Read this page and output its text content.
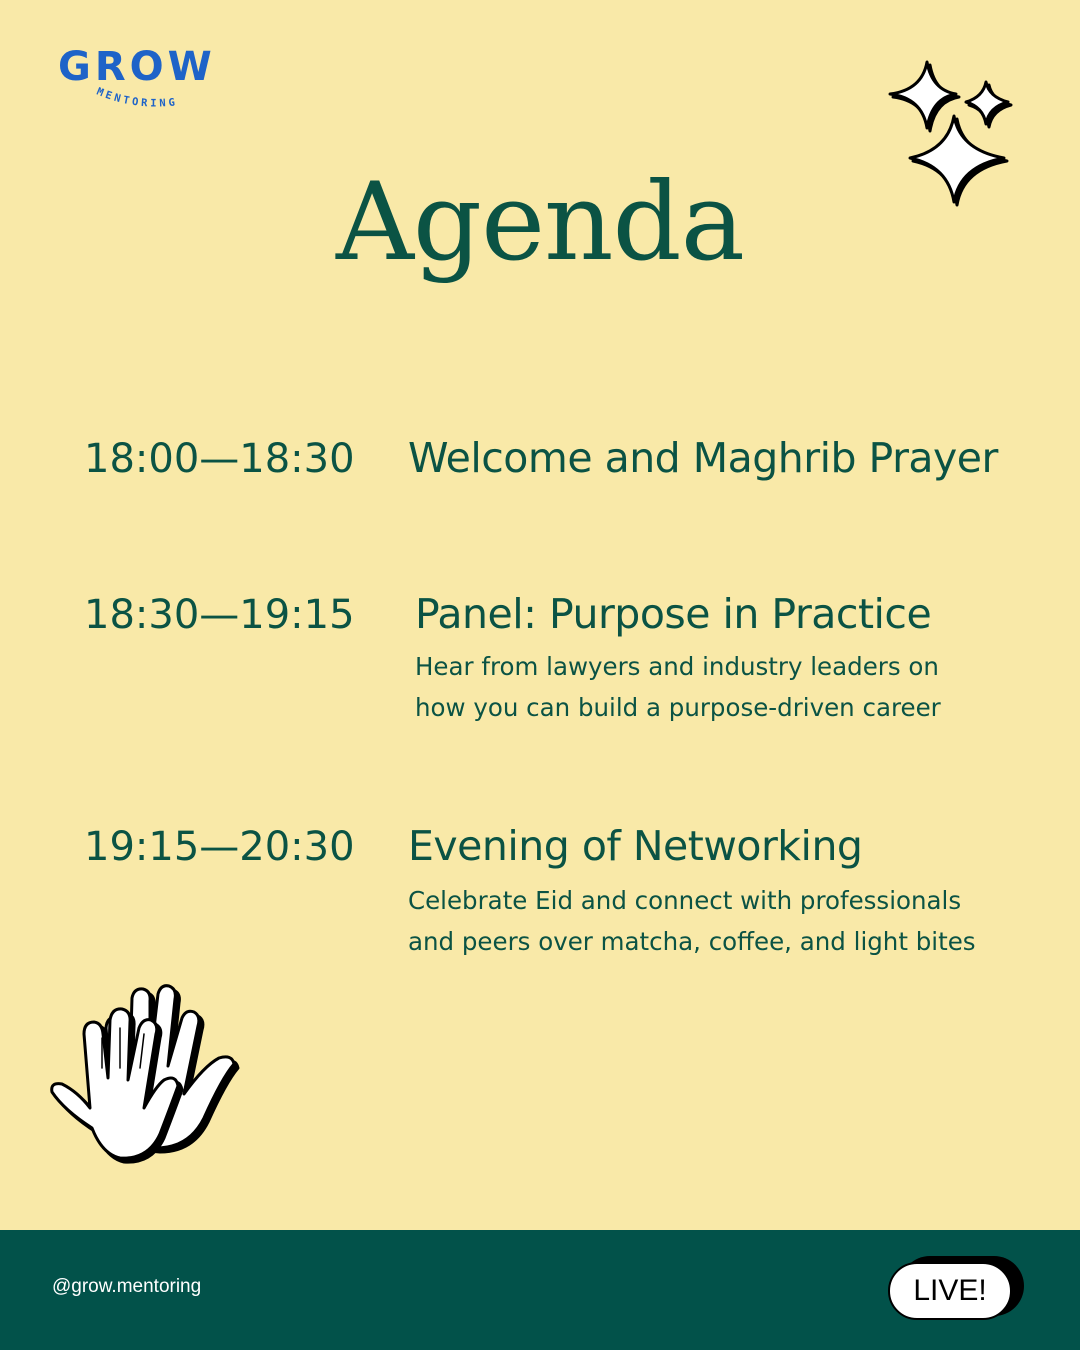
GROW
MENTORING
Agenda
18:00—18:30 Welcome and Maghrib Prayer
18:30—19:15 Panel: Purpose in Practice
Hear from lawyers and industry leaders on
how you can build a purpose-driven career
19:15—20:30 Evening of Networking
Celebrate Eid and connect with professionals
and peers over matcha, coffee, and light bites
@grow.mentoring	LIVE!
